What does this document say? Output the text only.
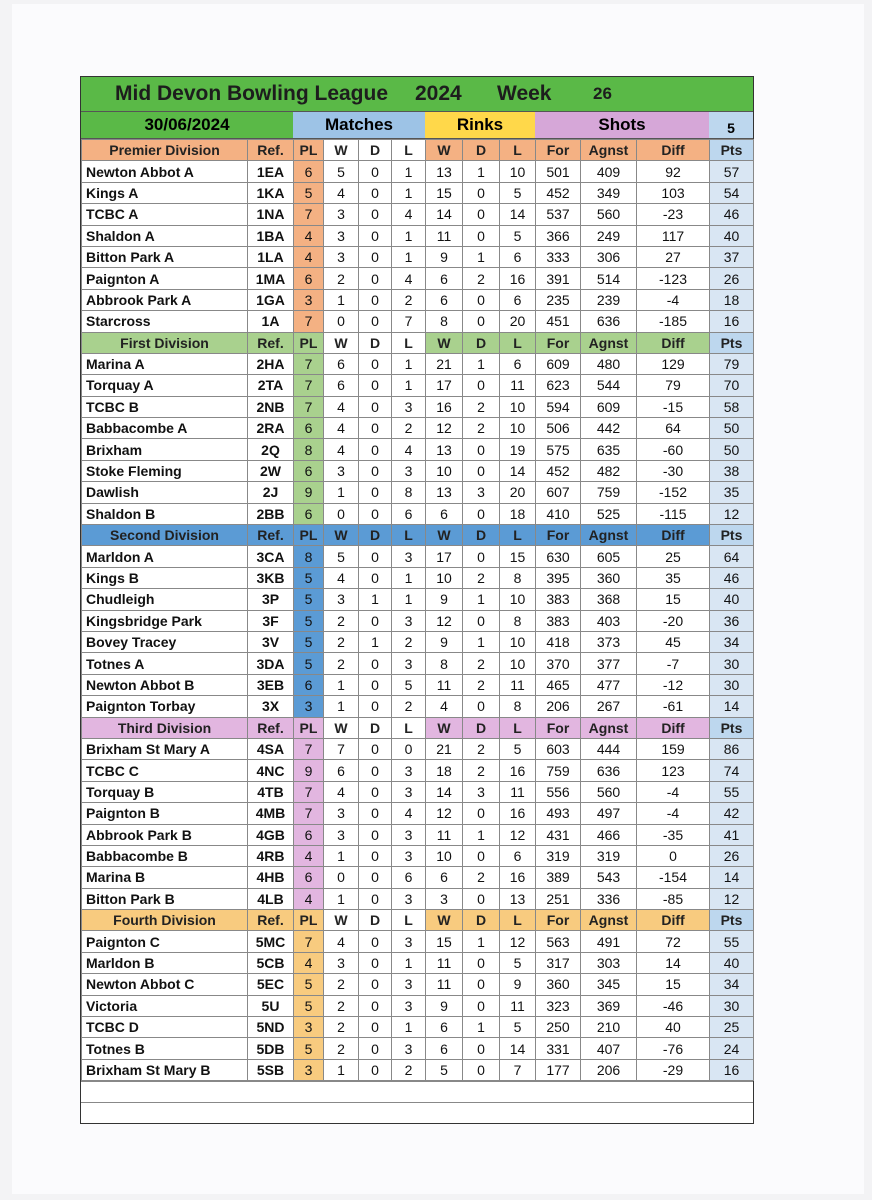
Mid Devon Bowling League	2024	Week	26
30/06/2024	Matches	Rinks	Shots	5
Premier Division	Ref.	PL	W	D	L	W	D	L	For	Agnst	Diff	Pts
Newton Abbot A	1EA	6	5	0	1	13	1	10	501	409	92	57
Kings A	1KA	5	4	0	1	15	0	5	452	349	103	54
TCBC A	1NA	7	3	0	4	14	0	14	537	560	-23	46
Shaldon A	1BA	4	3	0	1	11	0	5	366	249	117	40
Bitton Park A	1LA	4	3	0	1	9	1	6	333	306	27	37
Paignton A	1MA	6	2	0	4	6	2	16	391	514	-123	26
Abbrook Park A	1GA	3	1	0	2	6	0	6	235	239	-4	18
Starcross	1A	7	0	0	7	8	0	20	451	636	-185	16
First Division	Ref.	PL	W	D	L	W	D	L	For	Agnst	Diff	Pts
Marina A	2HA	7	6	0	1	21	1	6	609	480	129	79
Torquay A	2TA	7	6	0	1	17	0	11	623	544	79	70
TCBC B	2NB	7	4	0	3	16	2	10	594	609	-15	58
Babbacombe A	2RA	6	4	0	2	12	2	10	506	442	64	50
Brixham	2Q	8	4	0	4	13	0	19	575	635	-60	50
Stoke Fleming	2W	6	3	0	3	10	0	14	452	482	-30	38
Dawlish	2J	9	1	0	8	13	3	20	607	759	-152	35
Shaldon B	2BB	6	0	0	6	6	0	18	410	525	-115	12
Second Division	Ref.	PL	W	D	L	W	D	L	For	Agnst	Diff	Pts
Marldon A	3CA	8	5	0	3	17	0	15	630	605	25	64
Kings B	3KB	5	4	0	1	10	2	8	395	360	35	46
Chudleigh	3P	5	3	1	1	9	1	10	383	368	15	40
Kingsbridge Park	3F	5	2	0	3	12	0	8	383	403	-20	36
Bovey Tracey	3V	5	2	1	2	9	1	10	418	373	45	34
Totnes A	3DA	5	2	0	3	8	2	10	370	377	-7	30
Newton Abbot B	3EB	6	1	0	5	11	2	11	465	477	-12	30
Paignton Torbay	3X	3	1	0	2	4	0	8	206	267	-61	14
Third Division	Ref.	PL	W	D	L	W	D	L	For	Agnst	Diff	Pts
Brixham St Mary A	4SA	7	7	0	0	21	2	5	603	444	159	86
TCBC C	4NC	9	6	0	3	18	2	16	759	636	123	74
Torquay B	4TB	7	4	0	3	14	3	11	556	560	-4	55
Paignton B	4MB	7	3	0	4	12	0	16	493	497	-4	42
Abbrook Park B	4GB	6	3	0	3	11	1	12	431	466	-35	41
Babbacombe B	4RB	4	1	0	3	10	0	6	319	319	0	26
Marina B	4HB	6	0	0	6	6	2	16	389	543	-154	14
Bitton Park B	4LB	4	1	0	3	3	0	13	251	336	-85	12
Fourth Division	Ref.	PL	W	D	L	W	D	L	For	Agnst	Diff	Pts
Paignton C	5MC	7	4	0	3	15	1	12	563	491	72	55
Marldon B	5CB	4	3	0	1	11	0	5	317	303	14	40
Newton Abbot C	5EC	5	2	0	3	11	0	9	360	345	15	34
Victoria	5U	5	2	0	3	9	0	11	323	369	-46	30
TCBC D	5ND	3	2	0	1	6	1	5	250	210	40	25
Totnes B	5DB	5	2	0	3	6	0	14	331	407	-76	24
Brixham St Mary B	5SB	3	1	0	2	5	0	7	177	206	-29	16
